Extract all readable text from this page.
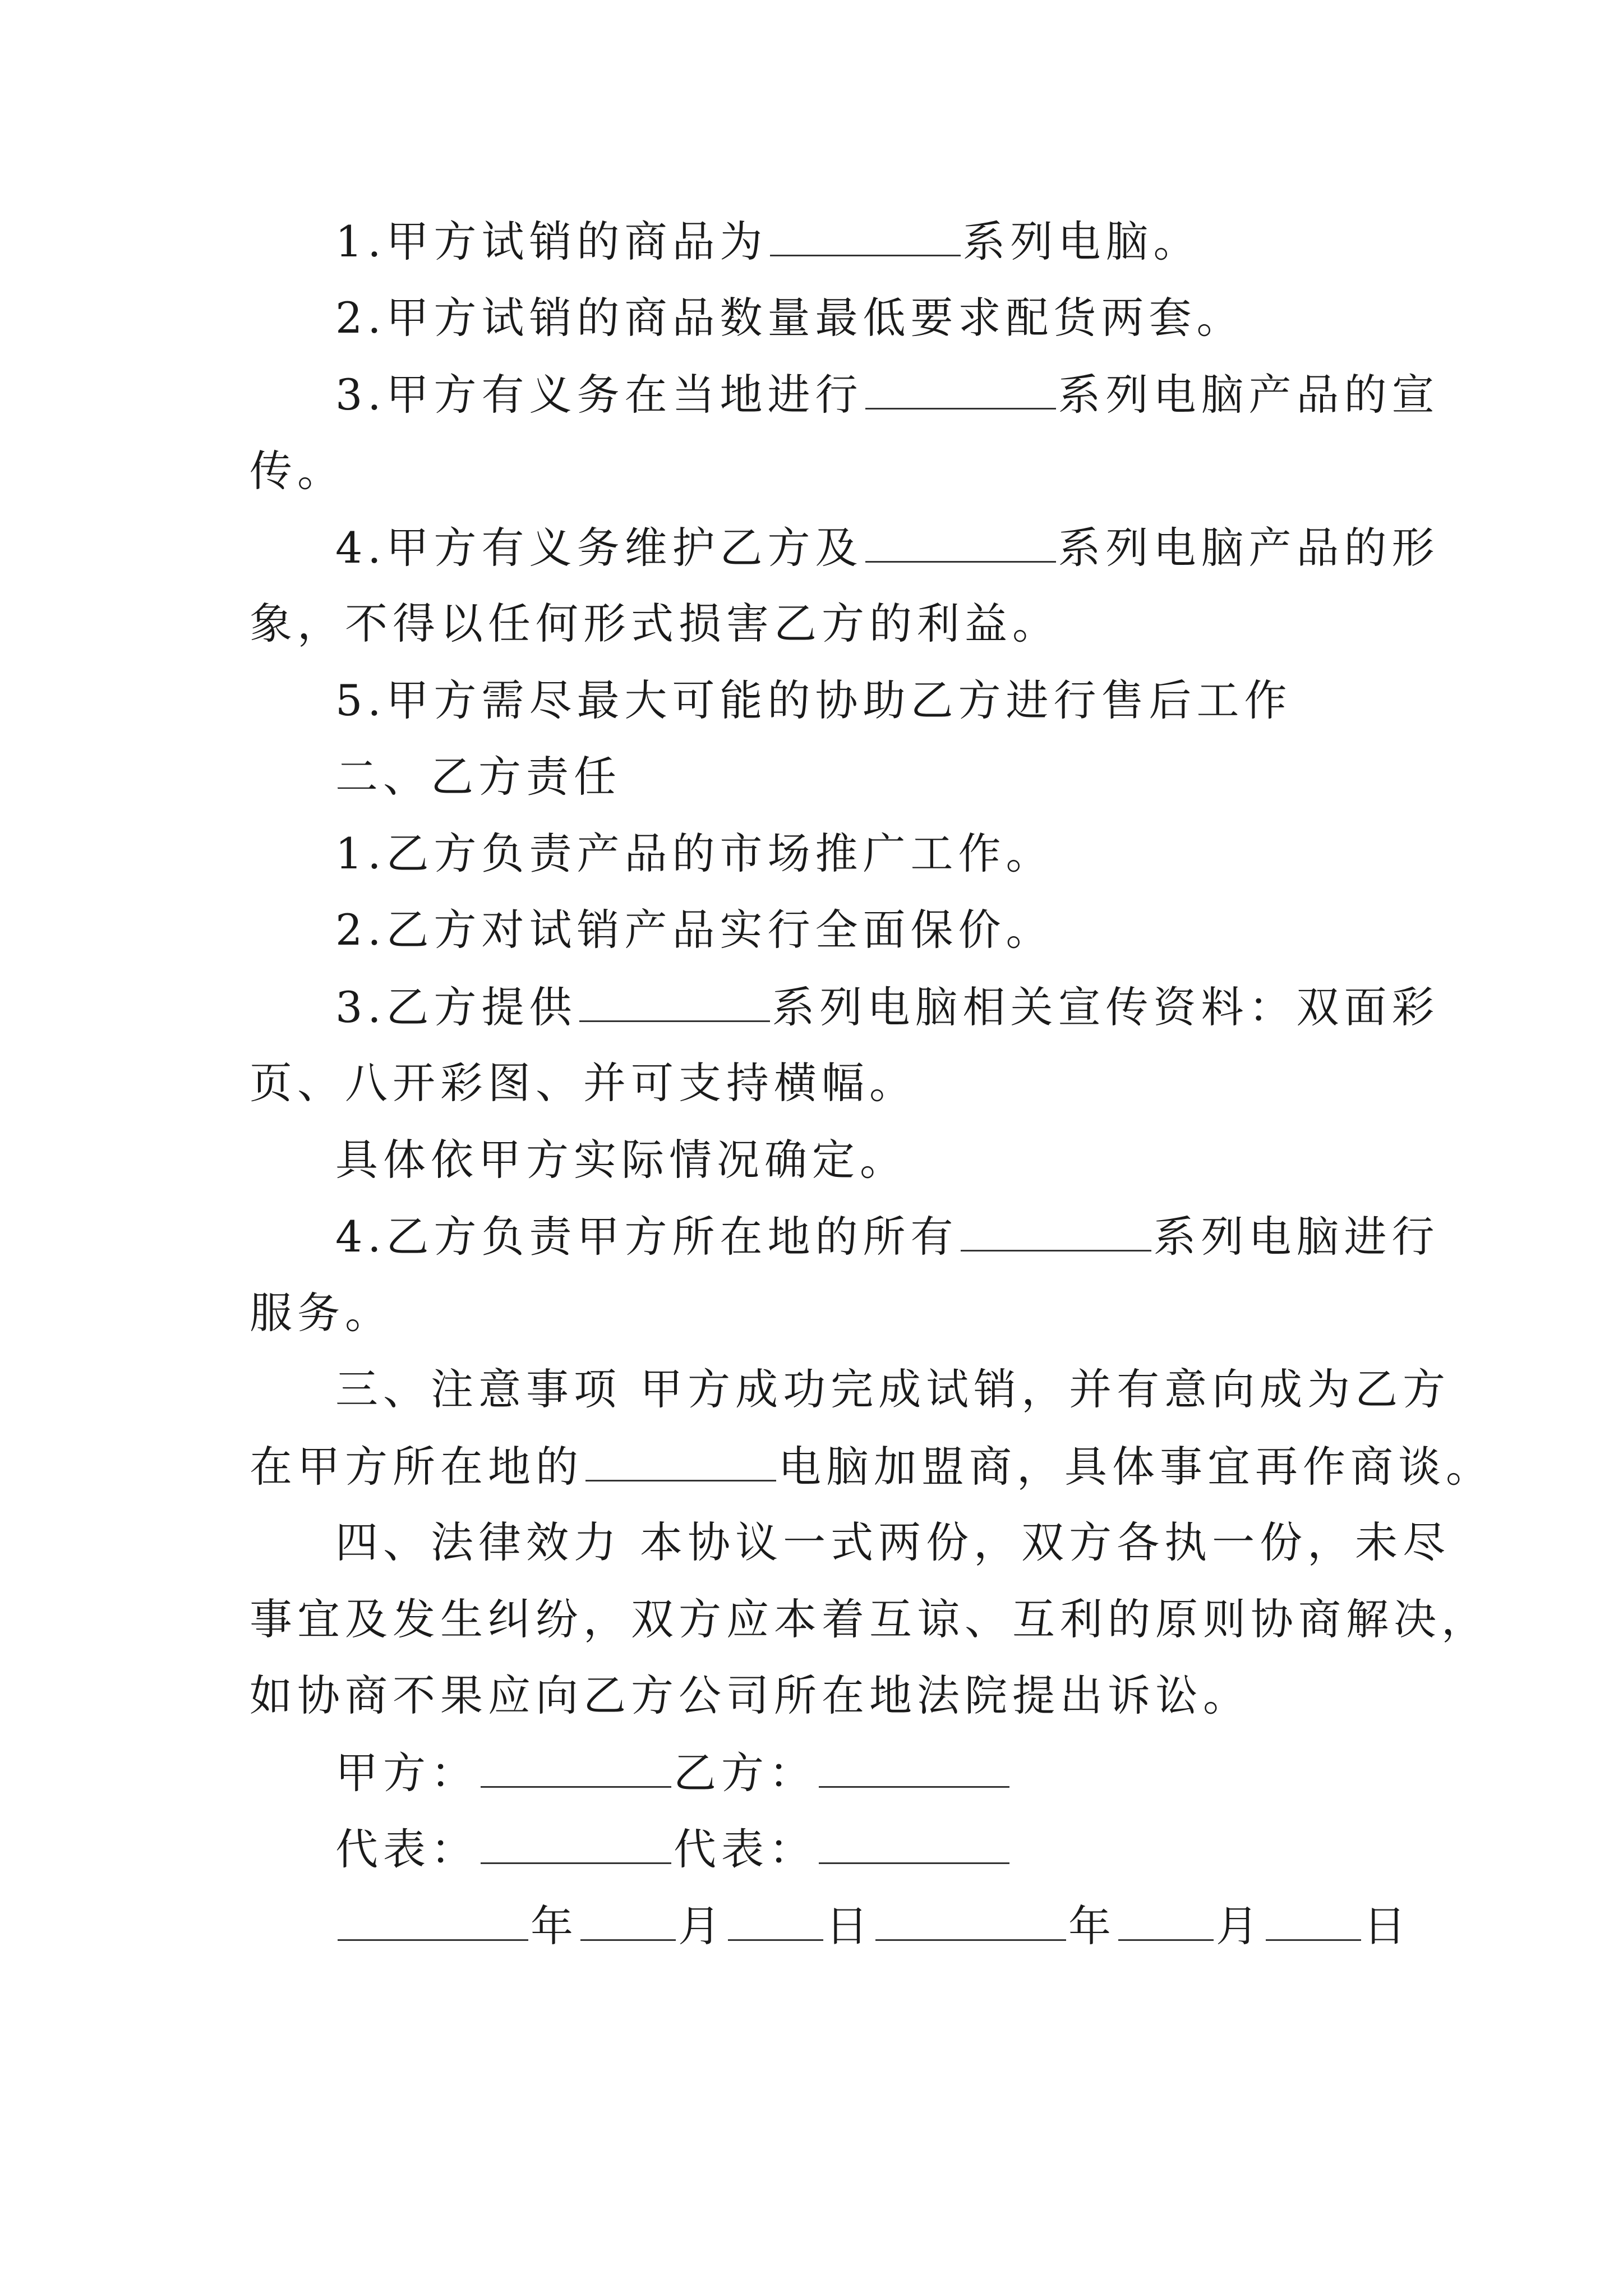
1.甲方试销的商品为	系列电脑。
2.甲方试销的商品数量最低要求配货两套。
3.甲方有义务在当地进行	系列电脑产品的宣
传。
4.甲方有义务维护乙方及	系列电脑产品的形
象，不得以任何形式损害乙方的利益。
5.甲方需尽最大可能的协助乙方进行售后工作
二、乙方责任
1.乙方负责产品的市场推广工作。
2.乙方对试销产品实行全面保价。
3.乙方提供	系列电脑相关宣传资料：双面彩
页、八开彩图、并可支持横幅。
具体依甲方实际情况确定。
4.乙方负责甲方所在地的所有	系列电脑进行
服务。
三、注意事项 甲方成功完成试销，并有意向成为乙方
在甲方所在地的	电脑加盟商，具体事宜再作商谈。
四、法律效力 本协议一式两份，双方各执一份，未尽
事宜及发生纠纷，双方应本着互谅、互利的原则协商解决，
如协商不果应向乙方公司所在地法院提出诉讼。
甲方：	乙方：
代表：	代表：
年 月 日	年 月 日
